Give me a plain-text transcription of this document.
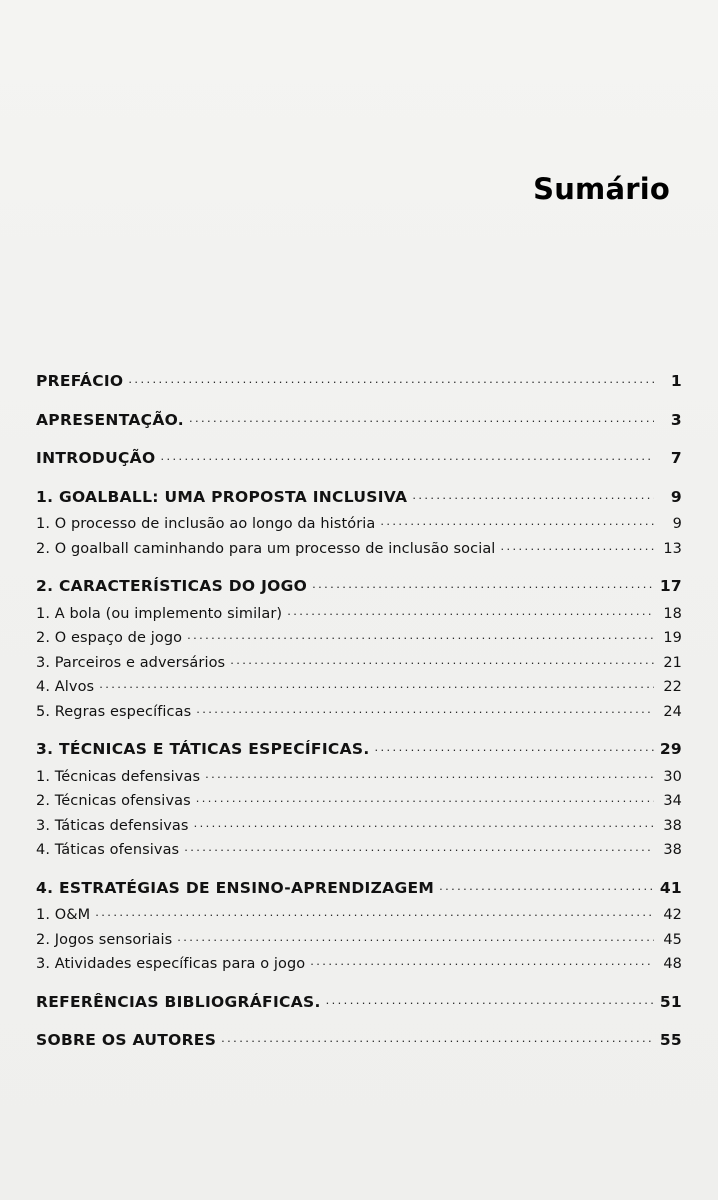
Sumário
PREFÁCIO .....	1
APRESENTAÇÃO. .....	3
INTRODUÇÃO .....	7
1. GOALBALL: UMA PROPOSTA INCLUSIVA .....	9
1. O processo de inclusão ao longo da história .....	9
2. O goalball caminhando para um processo de inclusão social .....	13
2. CARACTERÍSTICAS DO JOGO .....	17
1. A bola (ou implemento similar) .....	18
2. O espaço de jogo .....	19
3. Parceiros e adversários .....	21
4. Alvos .....	22
5. Regras específicas .....	24
3. TÉCNICAS E TÁTICAS ESPECÍFICAS. .....	29
1. Técnicas defensivas .....	30
2. Técnicas ofensivas .....	34
3. Táticas defensivas .....	38
4. Táticas ofensivas .....	38
4. ESTRATÉGIAS DE ENSINO-APRENDIZAGEM .....	41
1. O&M .....	42
2. Jogos sensoriais .....	45
3. Atividades específicas para o jogo .....	48
REFERÊNCIAS BIBLIOGRÁFICAS. .....	51
SOBRE OS AUTORES .....	55
